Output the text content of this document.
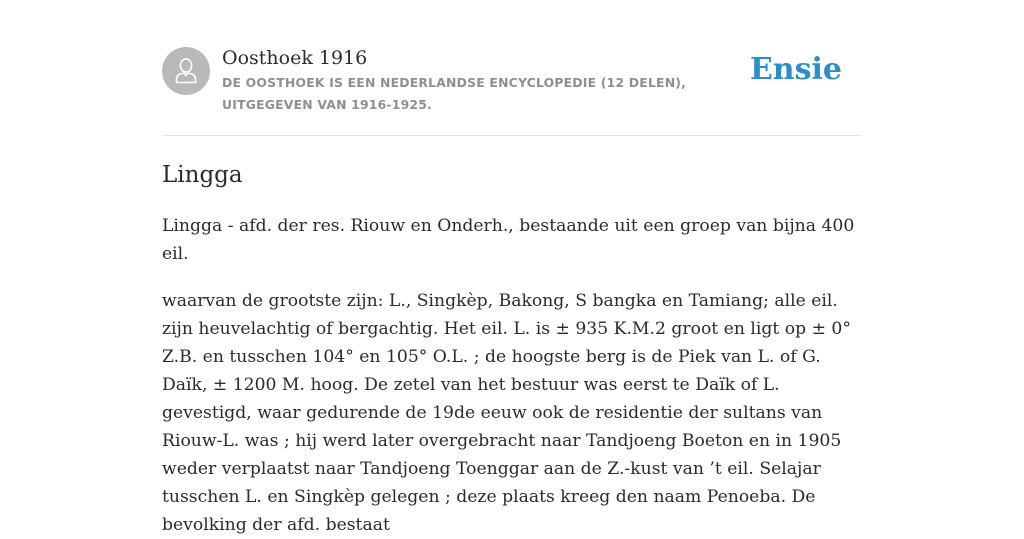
Oosthoek 1916
DE OOSTHOEK IS EEN NEDERLANDSE ENCYCLOPEDIE (12 DELEN), UITGEGEVEN VAN 1916-1925.
Ensie
Lingga

Lingga - afd. der res. Riouw en Onderh., bestaande uit een groep van bijna 400 eil.

waarvan de grootste zijn: L., Singkèp, Bakong, S bangka en Tamiang; alle eil. zijn heuvelachtig of bergachtig. Het eil. L. is ± 935 K.M.2 groot en ligt op ± 0° Z.B. en tusschen 104° en 105° O.L. ; de hoogste berg is de Piek van L. of G. Daïk, ± 1200 M. hoog. De zetel van het bestuur was eerst te Daïk of L. gevestigd, waar gedurende de 19de eeuw ook de residentie der sultans van Riouw-L. was ; hij werd later overgebracht naar Tandjoeng Boeton en in 1905 weder verplaatst naar Tandjoeng Toenggar aan de Z.-kust van ’t eil. Selajar tusschen L. en Singkèp gelegen ; deze plaats kreeg den naam Penoeba. De bevolking der afd. bestaat
